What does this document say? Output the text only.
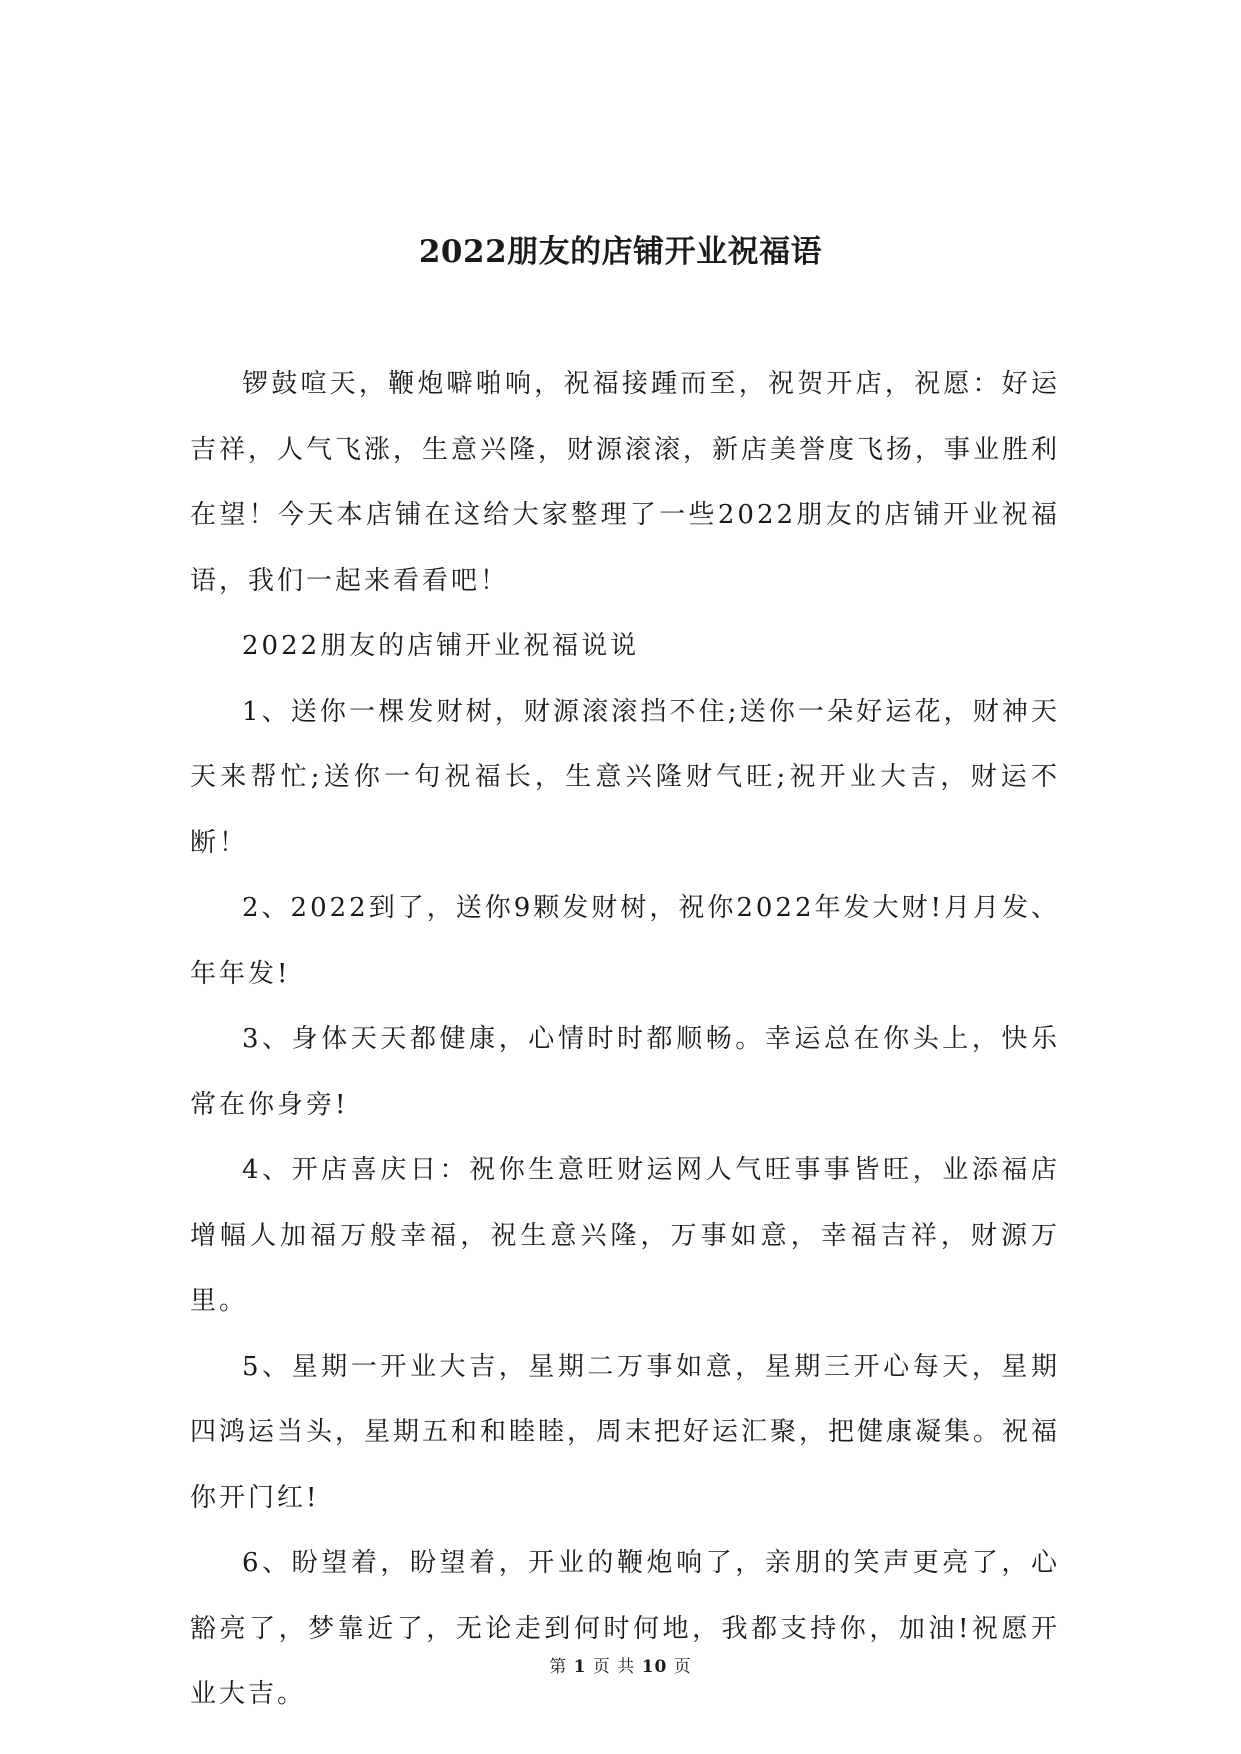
2022朋友的店铺开业祝福语

锣鼓喧天，鞭炮噼啪响，祝福接踵而至，祝贺开店，祝愿：好运吉祥，人气飞涨，生意兴隆，财源滚滚，新店美誉度飞扬，事业胜利在望！今天本店铺在这给大家整理了一些2022朋友的店铺开业祝福语，我们一起来看看吧！

2022朋友的店铺开业祝福说说

1、送你一棵发财树，财源滚滚挡不住;送你一朵好运花，财神天天来帮忙;送你一句祝福长，生意兴隆财气旺;祝开业大吉，财运不断！

2、2022到了，送你9颗发财树，祝你2022年发大财!月月发、年年发!

3、身体天天都健康，心情时时都顺畅。幸运总在你头上，快乐常在你身旁!

4、开店喜庆日：祝你生意旺财运网人气旺事事皆旺，业添福店增幅人加福万般幸福，祝生意兴隆，万事如意，幸福吉祥，财源万里。

5、星期一开业大吉，星期二万事如意，星期三开心每天，星期四鸿运当头，星期五和和睦睦，周末把好运汇聚，把健康凝集。祝福你开门红!

6、盼望着，盼望着，开业的鞭炮响了，亲朋的笑声更亮了，心豁亮了，梦靠近了，无论走到何时何地，我都支持你，加油!祝愿开业大吉。

第 1 页 共 10 页
